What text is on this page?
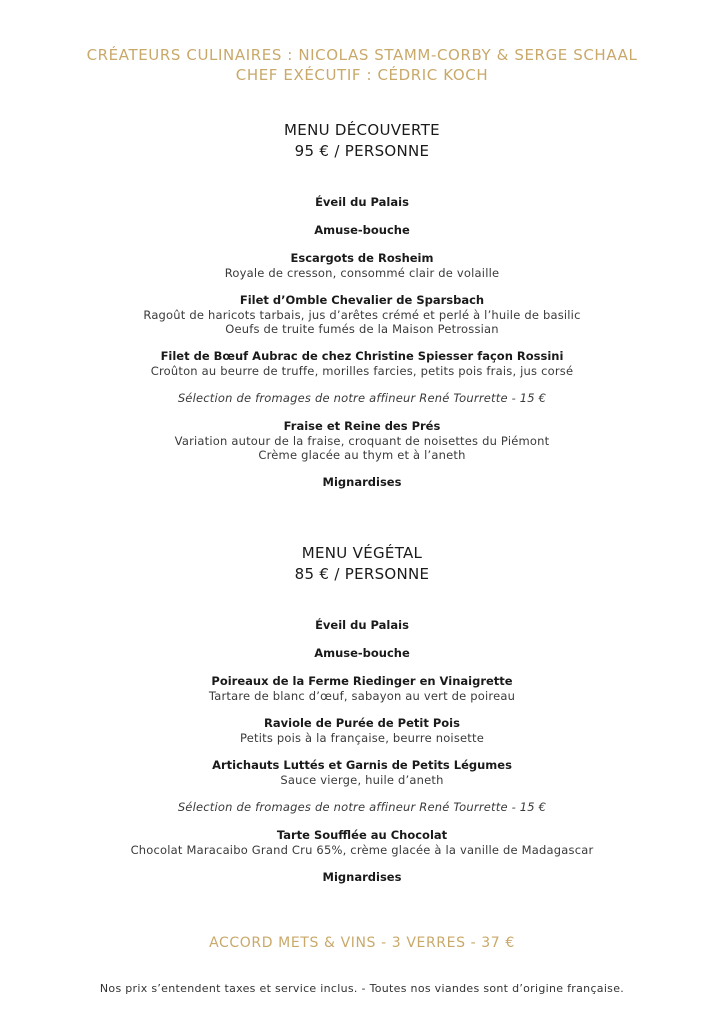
CRÉATEURS CULINAIRES : NICOLAS STAMM-CORBY & SERGE SCHAAL
CHEF EXÉCUTIF : CÉDRIC KOCH
MENU DÉCOUVERTE
95 € / PERSONNE
Éveil du Palais
Amuse-bouche
Escargots de Rosheim
Royale de cresson, consommé clair de volaille
Filet d’Omble Chevalier de Sparsbach
Ragoût de haricots tarbais, jus d’arêtes crémé et perlé à l’huile de basilic
Oeufs de truite fumés de la Maison Petrossian
Filet de Bœuf Aubrac de chez Christine Spiesser façon Rossini
Croûton au beurre de truffe, morilles farcies, petits pois frais, jus corsé
Sélection de fromages de notre affineur René Tourrette - 15 €
Fraise et Reine des Prés
Variation autour de la fraise, croquant de noisettes du Piémont
Crème glacée au thym et à l’aneth
Mignardises
MENU VÉGÉTAL
85 € / PERSONNE
Éveil du Palais
Amuse-bouche
Poireaux de la Ferme Riedinger en Vinaigrette
Tartare de blanc d’œuf, sabayon au vert de poireau
Raviole de Purée de Petit Pois
Petits pois à la française, beurre noisette
Artichauts Luttés et Garnis de Petits Légumes
Sauce vierge, huile d’aneth
Sélection de fromages de notre affineur René Tourrette - 15 €
Tarte Soufflée au Chocolat
Chocolat Maracaibo Grand Cru 65%, crème glacée à la vanille de Madagascar
Mignardises
ACCORD METS & VINS - 3 VERRES - 37 €
Nos prix s’entendent taxes et service inclus. - Toutes nos viandes sont d’origine française.
